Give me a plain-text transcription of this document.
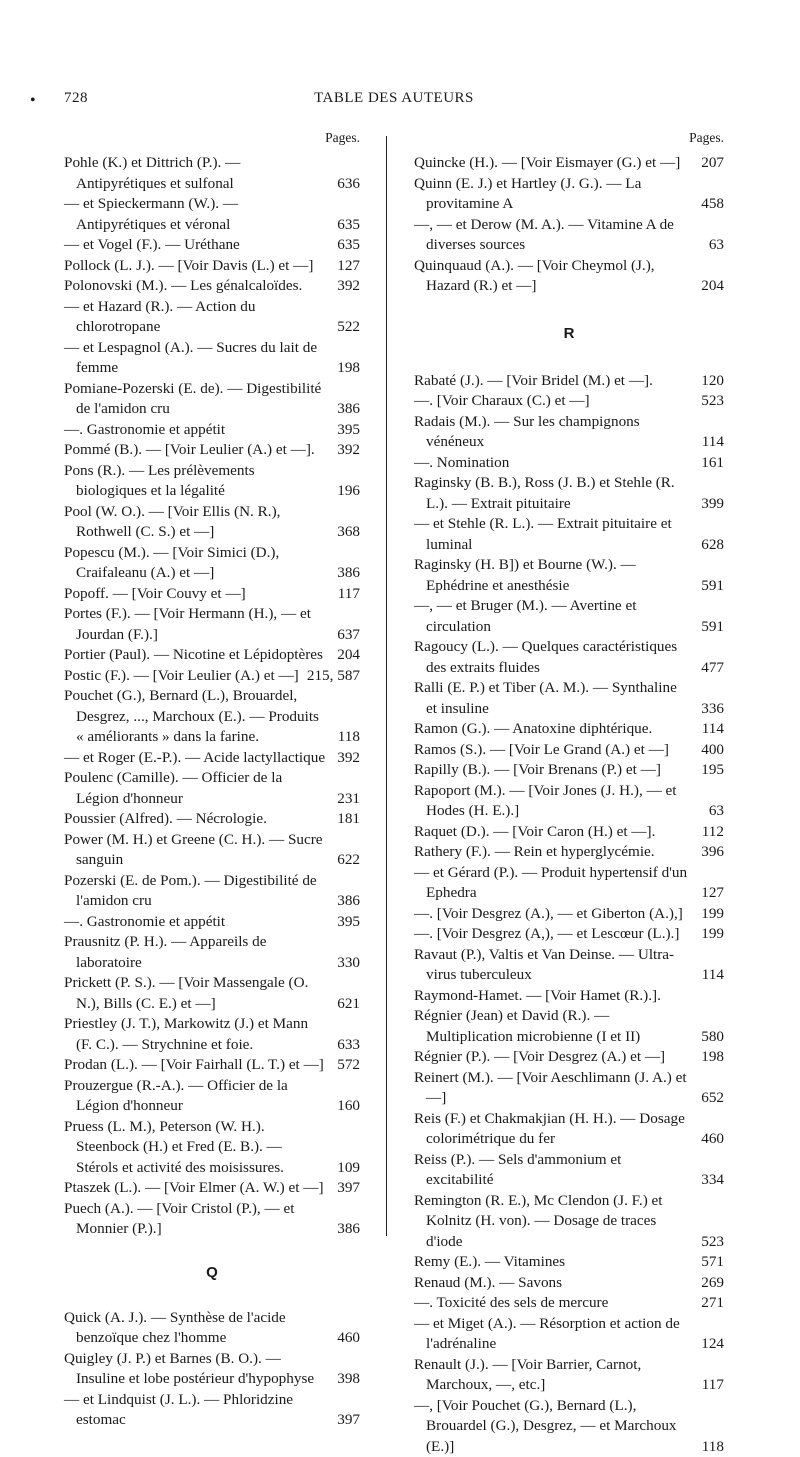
• 728	TABLE DES AUTEURS
Pages.

Pohle (K.) et Dittrich (P.). — Antipyrétiques et sulfonal	636

— et Spieckermann (W.). — Antipyrétiques et véronal	635

— et Vogel (F.). — Uréthane	635

Pollock (L. J.). — [Voir Davis (L.) et —]	127

Polonovski (M.). — Les génalcaloïdes.	392

— et Hazard (R.). — Action du chlorotropane	522

— et Lespagnol (A.). — Sucres du lait de femme	198

Pomiane-Pozerski (E. de). — Digestibilité de l'amidon cru	386

—. Gastronomie et appétit	395

Pommé (B.). — [Voir Leulier (A.) et —].	392

Pons (R.). — Les prélèvements biologiques et la légalité	196

Pool (W. O.). — [Voir Ellis (N. R.), Rothwell (C. S.) et —]	368

Popescu (M.). — [Voir Simici (D.), Craifaleanu (A.) et —]	386

Popoff. — [Voir Couvy et —]	117

Portes (F.). — [Voir Hermann (H.), — et Jourdan (F.).]	637

Portier (Paul). — Nicotine et Lépidoptères 204

Postic (F.). — [Voir Leulier (A.) et —] 215, 587

Pouchet (G.), Bernard (L.), Brouardel, Desgrez, ..., Marchoux (E.). — Produits « améliorants » dans la farine.	118

— et Roger (E.-P.). — Acide lactyllactique 392

Poulenc (Camille). — Officier de la Légion d'honneur	231

Poussier (Alfred). — Nécrologie.	181

Power (M. H.) et Greene (C. H.). — Sucre sanguin	622

Pozerski (E. de Pom.). — Digestibilité de l'amidon cru	386

—. Gastronomie et appétit	395

Prausnitz (P. H.). — Appareils de laboratoire	330

Prickett (P. S.). — [Voir Massengale (O. N.), Bills (C. E.) et —]	621

Priestley (J. T.), Markowitz (J.) et Mann (F. C.). — Strychnine et foie.	633

Prodan (L.). — [Voir Fairhall (L. T.) et —] 572

Prouzergue (R.-A.). — Officier de la Légion d'honneur	160

Pruess (L. M.), Peterson (W. H.). Steenbock (H.) et Fred (E. B.). — Stérols et activité des moisissures.	109

Ptaszek (L.). — [Voir Elmer (A. W.) et —] 397

Puech (A.). — [Voir Cristol (P.), — et Monnier (P.).]	386

Q

Quick (A. J.). — Synthèse de l'acide benzoïque chez l'homme	460

Quigley (J. P.) et Barnes (B. O.). — Insuline et lobe postérieur d'hypophyse	398

— et Lindquist (J. L.). — Phloridzine estomac	397

Pages.

Quincke (H.). — [Voir Eismayer (G.) et —]	207

Quinn (E. J.) et Hartley (J. G.). — La provitamine A	458

—, — et Derow (M. A.). — Vitamine A de diverses sources	63

Quinquaud (A.). — [Voir Cheymol (J.), Hazard (R.) et —]	204

R

Rabaté (J.). — [Voir Bridel (M.) et —].	120

—. [Voir Charaux (C.) et —]	523

Radais (M.). — Sur les champignons vénéneux	114

—. Nomination	161

Raginsky (B. B.), Ross (J. B.) et Stehle (R. L.). — Extrait pituitaire	399

— et Stehle (R. L.). — Extrait pituitaire et luminal	628

Raginsky (H. B]) et Bourne (W.). — Ephédrine et anesthésie	591

—, — et Bruger (M.). — Avertine et circulation	591

Ragoucy (L.). — Quelques caractéristiques des extraits fluides	477

Ralli (E. P.) et Tiber (A. M.). — Synthaline et insuline	336

Ramon (G.). — Anatoxine diphtérique.	114

Ramos (S.). — [Voir Le Grand (A.) et —]	400

Rapilly (B.). — [Voir Brenans (P.) et —]	195

Rapoport (M.). — [Voir Jones (J. H.), — et Hodes (H. E.).]	63

Raquet (D.). — [Voir Caron (H.) et —].	112

Rathery (F.). — Rein et hyperglycémie.	396

— et Gérard (P.). — Produit hypertensif d'un Ephedra	127

—. [Voir Desgrez (A.), — et Giberton (A.),]	199

—. [Voir Desgrez (A,), — et Lescœur (L.).]	199

Ravaut (P.), Valtis et Van Deinse. — Ultra-virus tuberculeux	114

Raymond-Hamet. — [Voir Hamet (R.).].

Régnier (Jean) et David (R.). — Multiplication microbienne (I et II)	580

Régnier (P.). — [Voir Desgrez (A.) et —]	198

Reinert (M.). — [Voir Aeschlimann (J. A.) et —]	652

Reis (F.) et Chakmakjian (H. H.). — Dosage colorimétrique du fer	460

Reiss (P.). — Sels d'ammonium et excitabilité	334

Remington (R. E.), Mc Clendon (J. F.) et Kolnitz (H. von). — Dosage de traces d'iode	523

Remy (E.). — Vitamines	571

Renaud (M.). — Savons	269

—. Toxicité des sels de mercure	271

— et Miget (A.). — Résorption et action de l'adrénaline	124

Renault (J.). — [Voir Barrier, Carnot, Marchoux, —, etc.]	117

—, [Voir Pouchet (G.), Bernard (L.), Brouardel (G.), Desgrez, — et Marchoux (E.)]	118
